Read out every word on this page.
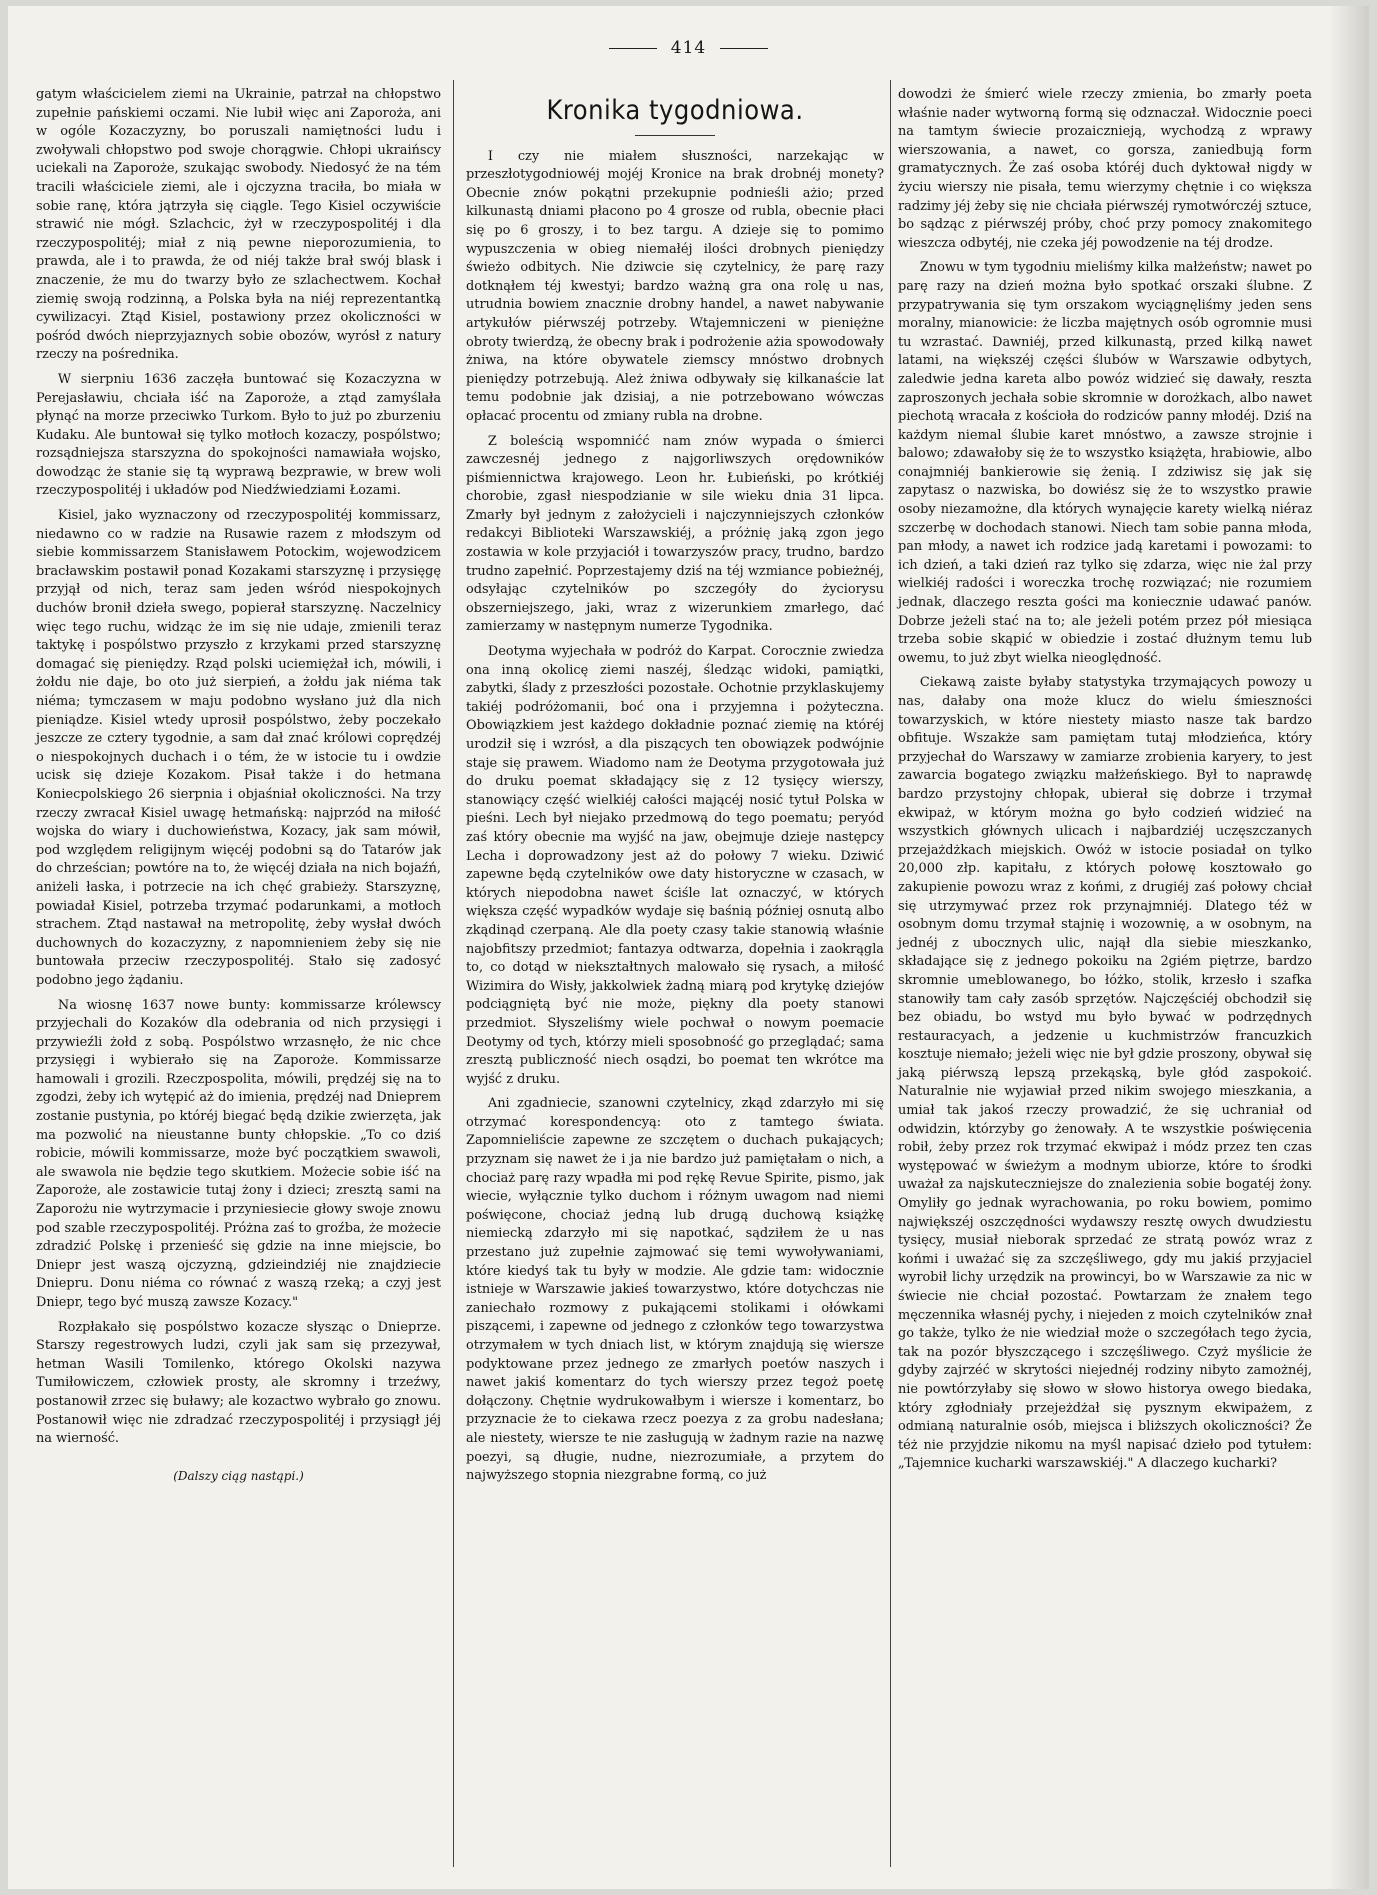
414

gatym właścicielem ziemi na Ukrainie, patrzał na chłopstwo zupełnie pańskiemi oczami. Nie lubił więc ani Zaporoża, ani w ogóle Kozaczyzny, bo poruszali namiętności ludu i zwoływali chłopstwo pod swoje chorągwie. Chłopi ukraińscy uciekali na Zaporoże, szukając swobody. Niedosyć że na tém tracili właściciele ziemi, ale i ojczyzna traciła, bo miała w sobie ranę, która jątrzyła się ciągle. Tego Kisiel oczywiście strawić nie mógł. Szlachcic, żył w rzeczypospolitéj i dla rzeczypospolitéj; miał z nią pewne nieporozumienia, to prawda, ale i to prawda, że od niéj także brał swój blask i znaczenie, że mu do twarzy było ze szlachectwem. Kochał ziemię swoją rodzinną, a Polska była na niéj reprezentantką cywilizacyi. Ztąd Kisiel, postawiony przez okoliczności w pośród dwóch nieprzyjaznych sobie obozów, wyrósł z natury rzeczy na pośrednika.

W sierpniu 1636 zaczęła buntować się Kozaczyzna w Perejasławiu, chciała iść na Zaporoże, a ztąd zamyślała płynąć na morze przeciwko Turkom. Było to już po zburzeniu Kudaku. Ale buntował się tylko motłoch kozaczy, pospólstwo; rozsądniejsza starszyzna do spokojności namawiała wojsko, dowodząc że stanie się tą wyprawą bezprawie, w brew woli rzeczypospolitéj i układów pod Niedźwiedziami Łozami.

Kisiel, jako wyznaczony od rzeczypospolitéj kommissarz, niedawno co w radzie na Rusawie razem z młodszym od siebie kommissarzem Stanisławem Potockim, wojewodzicem bracławskim postawił ponad Kozakami starszyznę i przysięgę przyjął od nich, teraz sam jeden wśród niespokojnych duchów bronił dzieła swego, popierał starszyznę. Naczelnicy więc tego ruchu, widząc że im się nie udaje, zmienili teraz taktykę i pospólstwo przyszło z krzykami przed starszyznę domagać się pieniędzy. Rząd polski uciemiężał ich, mówili, i żołdu nie daje, bo oto już sierpień, a żołdu jak niéma tak niéma; tymczasem w maju podobno wysłano już dla nich pieniądze. Kisiel wtedy uprosił pospólstwo, żeby poczekało jeszcze ze cztery tygodnie, a sam dał znać królowi coprędzéj o niespokojnych duchach i o tém, że w istocie tu i owdzie ucisk się dzieje Kozakom. Pisał także i do hetmana Koniecpolskiego 26 sierpnia i objaśniał okoliczności. Na trzy rzeczy zwracał Kisiel uwagę hetmańską: najprzód na miłość wojska do wiary i duchowieństwa, Kozacy, jak sam mówił, pod względem religijnym więcéj podobni są do Tatarów jak do chrześcian; powtóre na to, że więcéj działa na nich bojaźń, aniżeli łaska, i potrzecie na ich chęć grabieży. Starszyznę, powiadał Kisiel, potrzeba trzymać podarunkami, a motłoch strachem. Ztąd nastawał na metropolitę, żeby wysłał dwóch duchownych do kozaczyzny, z napomnieniem żeby się nie buntowała przeciw rzeczypospolitéj. Stało się zadosyć podobno jego żądaniu.

Na wiosnę 1637 nowe bunty: kommissarze królewscy przyjechali do Kozaków dla odebrania od nich przysięgi i przywieźli żołd z sobą. Pospólstwo wrzasnęło, że nic chce przysięgi i wybierało się na Zaporoże. Kommissarze hamowali i grozili. Rzeczpospolita, mówili, prędzéj się na to zgodzi, żeby ich wytępić aż do imienia, prędzéj nad Dnieprem zostanie pustynia, po któréj biegać będą dzikie zwierzęta, jak ma pozwolić na nieustanne bunty chłopskie. „To co dziś robicie, mówili kommissarze, może być początkiem swawoli, ale swawola nie będzie tego skutkiem. Możecie sobie iść na Zaporoże, ale zostawicie tutaj żony i dzieci; zresztą sami na Zaporożu nie wytrzymacie i przyniesiecie głowy swoje znowu pod szable rzeczypospolitéj. Próżna zaś to groźba, że możecie zdradzić Polskę i przenieść się gdzie na inne miejscie, bo Dniepr jest waszą ojczyzną, gdzieindziéj nie znajdziecie Dniepru. Donu niéma co równać z waszą rzeką; a czyj jest Dniepr, tego być muszą zawsze Kozacy."

Rozpłakało się pospólstwo kozacze słysząc o Dnieprze. Starszy regestrowych ludzi, czyli jak sam się przezywał, hetman Wasili Tomilenko, którego Okolski nazywa Tumiłowiczem, człowiek prosty, ale skromny i trzeźwy, postanowił zrzec się buławy; ale kozactwo wybrało go znowu. Postanowił więc nie zdradzać rzeczypospolitéj i przysiągł jéj na wierność.

(Dalszy ciąg nastąpi.)
Kronika tygodniowa.

I czy nie miałem słuszności, narzekając w przeszłotygodniowéj mojéj Kronice na brak drobnéj monety? Obecnie znów pokątni przekupnie podnieśli ażio; przed kilkunastą dniami płacono po 4 grosze od rubla, obecnie płaci się po 6 groszy, i to bez targu. A dzieje się to pomimo wypuszczenia w obieg niemałéj ilości drobnych pieniędzy świeżo odbitych. Nie dziwcie się czytelnicy, że parę razy dotknąłem téj kwestyi; bardzo ważną gra ona rolę u nas, utrudnia bowiem znacznie drobny handel, a nawet nabywanie artykułów piérwszéj potrzeby. Wtajemniczeni w pieniężne obroty twierdzą, że obecny brak i podrożenie ażia spowodowały żniwa, na które obywatele ziemscy mnóstwo drobnych pieniędzy potrzebują. Ależ żniwa odbywały się kilkanaście lat temu podobnie jak dzisiaj, a nie potrzebowano wówczas opłacać procentu od zmiany rubla na drobne.

Z boleścią wspomnićć nam znów wypada o śmierci zawczesnéj jednego z najgorliwszych orędowników piśmiennictwa krajowego. Leon hr. Łubieński, po krótkiéj chorobie, zgasł niespodzianie w sile wieku dnia 31 lipca. Zmarły był jednym z założycieli i najczynniejszych członków redakcyi Biblioteki Warszawskiéj, a próżnię jaką zgon jego zostawia w kole przyjaciół i towarzyszów pracy, trudno, bardzo trudno zapełnić. Poprzestajemy dziś na téj wzmiance pobieżnéj, odsyłając czytelników po szczegóły do życiorysu obszerniejszego, jaki, wraz z wizerunkiem zmarłego, dać zamierzamy w następnym numerze Tygodnika.

Deotyma wyjechała w podróż do Karpat. Corocznie zwiedza ona inną okolicę ziemi naszéj, śledząc widoki, pamiątki, zabytki, ślady z przeszłości pozostałe. Ochotnie przyklaskujemy takiéj podróżomanii, boć ona i przyjemna i pożyteczna. Obowiązkiem jest każdego dokładnie poznać ziemię na któréj urodził się i wzrósł, a dla piszących ten obowiązek podwójnie staje się prawem. Wiadomo nam że Deotyma przygotowała już do druku poemat składający się z 12 tysięcy wierszy, stanowiący część wielkiéj całości mającéj nosić tytuł Polska w pieśni. Lech był niejako przedmową do tego poematu; peryód zaś który obecnie ma wyjść na jaw, obejmuje dzieje następcy Lecha i doprowadzony jest aż do połowy 7 wieku. Dziwić zapewne będą czytelników owe daty historyczne w czasach, w których niepodobna nawet ściśle lat oznaczyć, w których większa część wypadków wydaje się baśnią później osnutą albo zkądinąd czerpaną. Ale dla poety czasy takie stanowią właśnie najobfitszy przedmiot; fantazya odtwarza, dopełnia i zaokrągla to, co dotąd w niekształtnych malowało się rysach, a miłość Wizimira do Wisły, jakkolwiek żadną miarą pod krytykę dziejów podciągniętą być nie może, piękny dla poety stanowi przedmiot. Słyszeliśmy wiele pochwał o nowym poemacie Deotymy od tych, którzy mieli sposobność go przeglądać; sama zresztą publiczność niech osądzi, bo poemat ten wkrótce ma wyjść z druku.

Ani zgadniecie, szanowni czytelnicy, zkąd zdarzyło mi się otrzymać korespondencyą: oto z tamtego świata. Zapomnieliście zapewne ze szczętem o duchach pukających; przyznam się nawet że i ja nie bardzo już pamiętałam o nich, a chociaż parę razy wpadła mi pod rękę Revue Spirite, pismo, jak wiecie, wyłącznie tylko duchom i różnym uwagom nad niemi poświęcone, chociaż jedną lub drugą duchową książkę niemiecką zdarzyło mi się napotkać, sądziłem że u nas przestano już zupełnie zajmować się temi wywoływaniami, które kiedyś tak tu były w modzie. Ale gdzie tam: widocznie istnieje w Warszawie jakieś towarzystwo, które dotychczas nie zaniechało rozmowy z pukającemi stolikami i ołówkami piszącemi, i zapewne od jednego z członków tego towarzystwa otrzymałem w tych dniach list, w którym znajdują się wiersze podyktowane przez jednego ze zmarłych poetów naszych i nawet jakiś komentarz do tych wierszy przez tegoż poetę dołączony. Chętnie wydrukowałbym i wiersze i komentarz, bo przyznacie że to ciekawa rzecz poezya z za grobu nadesłana; ale niestety, wiersze te nie zasługują w żadnym razie na nazwę poezyi, są długie, nudne, niezrozumiałe, a przytem do najwyższego stopnia niezgrabne formą, co już

dowodzi że śmierć wiele rzeczy zmienia, bo zmarły poeta właśnie nader wytworną formą się odznaczał. Widocznie poeci na tamtym świecie prozaicznieją, wychodzą z wprawy wierszowania, a nawet, co gorsza, zaniedbują form gramatycznych. Że zaś osoba któréj duch dyktował nigdy w życiu wierszy nie pisała, temu wierzymy chętnie i co większa radzimy jéj żeby się nie chciała piérwszéj rymotwórczéj sztuce, bo sądząc z piérwszéj próby, choć przy pomocy znakomitego wieszcza odbytéj, nie czeka jéj powodzenie na téj drodze.

Znowu w tym tygodniu mieliśmy kilka małżeństw; nawet po parę razy na dzień można było spotkać orszaki ślubne. Z przypatrywania się tym orszakom wyciągnęliśmy jeden sens moralny, mianowicie: że liczba majętnych osób ogromnie musi tu wzrastać. Dawniéj, przed kilkunastą, przed kilką nawet latami, na większéj części ślubów w Warszawie odbytych, zaledwie jedna kareta albo powóz widzieć się dawały, reszta zaproszonych jechała sobie skromnie w dorożkach, albo nawet piechotą wracała z kościoła do rodziców panny młodéj. Dziś na każdym niemal ślubie karet mnóstwo, a zawsze strojnie i balowo; zdawałoby się że to wszystko książęta, hrabiowie, albo conajmniéj bankierowie się żenią. I zdziwisz się jak się zapytasz o nazwiska, bo dowiész się że to wszystko prawie osoby niezamożne, dla których wynajęcie karety wielką niéraz szczerbę w dochodach stanowi. Niech tam sobie panna młoda, pan młody, a nawet ich rodzice jadą karetami i powozami: to ich dzień, a taki dzień raz tylko się zdarza, więc nie żal przy wielkiéj radości i woreczka trochę rozwiązać; nie rozumiem jednak, dlaczego reszta gości ma koniecznie udawać panów. Dobrze jeżeli stać na to; ale jeżeli potém przez pół miesiąca trzeba sobie skąpić w obiedzie i zostać dłużnym temu lub owemu, to już zbyt wielka nieoględność.

Ciekawą zaiste byłaby statystyka trzymających powozy u nas, dałaby ona może klucz do wielu śmieszności towarzyskich, w które niestety miasto nasze tak bardzo obfituje. Wszakże sam pamiętam tutaj młodzieńca, który przyjechał do Warszawy w zamiarze zrobienia karyery, to jest zawarcia bogatego związku małżeńskiego. Był to naprawdę bardzo przystojny chłopak, ubierał się dobrze i trzymał ekwipaż, w którym można go było codzień widzieć na wszystkich głównych ulicach i najbardziéj uczęszczanych przejażdżkach miejskich. Owóż w istocie posiadał on tylko 20,000 złp. kapitału, z których połowę kosztowało go zakupienie powozu wraz z końmi, z drugiéj zaś połowy chciał się utrzymywać przez rok przynajmniéj. Dlatego téż w osobnym domu trzymał stajnię i wozownię, a w osobnym, na jednéj z ubocznych ulic, najął dla siebie mieszkanko, składające się z jednego pokoiku na 2giém piętrze, bardzo skromnie umeblowanego, bo łóżko, stolik, krzesło i szafka stanowiły tam cały zasób sprzętów. Najczęściéj obchodził się bez obiadu, bo wstyd mu było bywać w podrzędnych restauracyach, a jedzenie u kuchmistrzów francuzkich kosztuje niemało; jeżeli więc nie był gdzie proszony, obywał się jaką piérwszą lepszą przekąską, byle głód zaspokoić. Naturalnie nie wyjawiał przed nikim swojego mieszkania, a umiał tak jakoś rzeczy prowadzić, że się uchraniał od odwidzin, którzyby go żenowały. A te wszystkie poświęcenia robił, żeby przez rok trzymać ekwipaż i módz przez ten czas występować w świeżym a modnym ubiorze, które to środki uważał za najskuteczniejsze do znalezienia sobie bogatéj żony. Omyliły go jednak wyrachowania, po roku bowiem, pomimo największéj oszczędności wydawszy resztę owych dwudziestu tysięcy, musiał nieborak sprzedać ze stratą powóz wraz z końmi i uważać się za szczęśliwego, gdy mu jakiś przyjaciel wyrobił lichy urzędzik na prowincyi, bo w Warszawie za nic w świecie nie chciał pozostać. Powtarzam że znałem tego męczennika własnéj pychy, i niejeden z moich czytelników znał go także, tylko że nie wiedział może o szczegółach tego życia, tak na pozór błyszczącego i szczęśliwego. Czyż myślicie że gdyby zajrzéć w skrytości niejednéj rodziny nibyto zamożnéj, nie powtórzyłaby się słowo w słowo historya owego biedaka, który zgłodniały przejeżdżał się pysznym ekwipażem, z odmianą naturalnie osób, miejsca i bliższych okoliczności? Że téż nie przyjdzie nikomu na myśl napisać dzieło pod tytułem: „Tajemnice kucharki warszawskiéj." A dlaczego kucharki?
